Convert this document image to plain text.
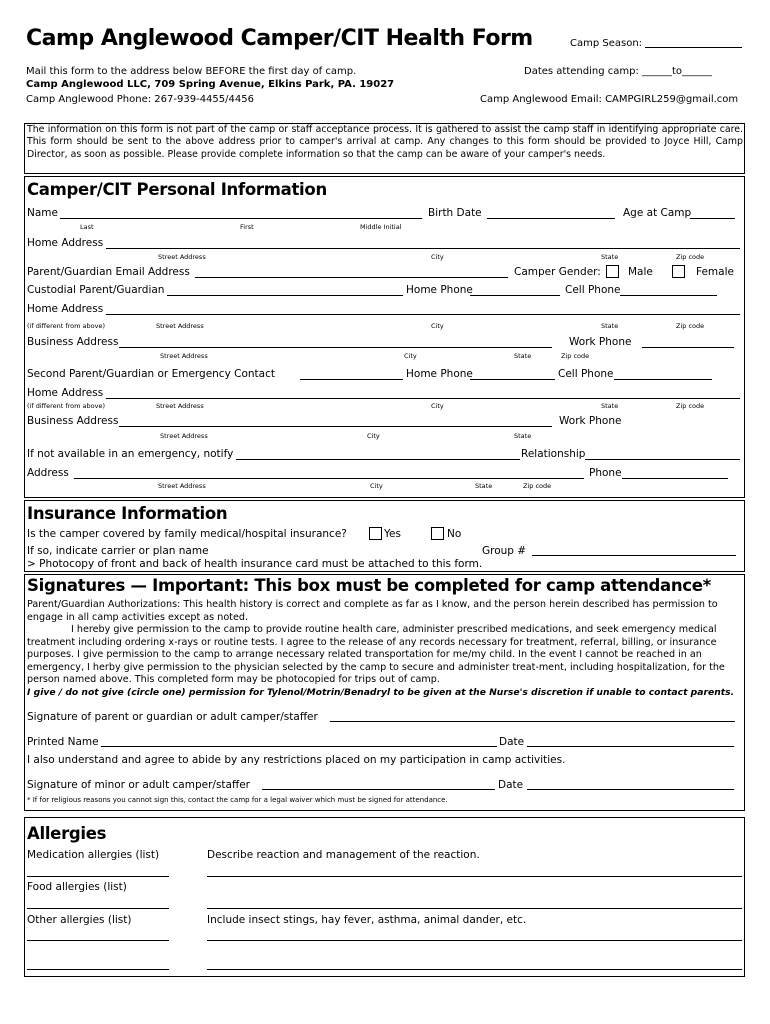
Camp Anglewood Camper/CIT Health Form	Camp Season:
Mail this form to the address below BEFORE the first day of camp.	Dates attending camp: ______to______
Camp Anglewood LLC, 709 Spring Avenue, Elkins Park, PA. 19027
Camp Anglewood Phone: 267-939-4455/4456	Camp Anglewood Email: CAMPGIRL259@gmail.com
The information on this form is not part of the camp or staff acceptance process. It is gathered to assist the camp staff in identifying appropriate care. This form should be sent to the above address prior to camper's arrival at camp. Any changes to this form should be provided to Joyce Hill, Camp Director, as soon as possible. Please provide complete information so that the camp can be aware of your camper's needs.
Camper/CIT Personal Information
Name	Birth Date	Age at Camp
Last	First	Middle Initial
Home Address
Street Address	City	State	Zip code
Parent/Guardian Email Address	Camper Gender:	Male	Female
Custodial Parent/Guardian	Home Phone	Cell Phone
Home Address
(if different from above)	Street Address	City	State	Zip code
Business Address	Work Phone
Street Address	City	State	Zip code
Second Parent/Guardian or Emergency Contact	Home Phone	Cell Phone
Home Address
(if different from above)	Street Address	City	State	Zip code
Business Address	Work Phone
Street Address	City	State
If not available in an emergency, notify	Relationship
Address	Phone
Street Address	City	State	Zip code
Insurance Information
Is the camper covered by family medical/hospital insurance?	Yes	No
If so, indicate carrier or plan name	Group #
> Photocopy of front and back of health insurance card must be attached to this form.
Signatures — Important: This box must be completed for camp attendance*
Parent/Guardian Authorizations: This health history is correct and complete as far as I know, and the person herein described has permission to engage in all camp activities except as noted.
I hereby give permission to the camp to provide routine health care, administer prescribed medications, and seek emergency medical treatment including ordering x-rays or routine tests. I agree to the release of any records necessary for treatment, referral, billing, or insurance purposes. I give permission to the camp to arrange necessary related transportation for me/my child. In the event I cannot be reached in an emergency, I herby give permission to the physician selected by the camp to secure and administer treat-ment, including hospitalization, for the person named above. This completed form may be photocopied for trips out of camp.
I give / do not give (circle one) permission for Tylenol/Motrin/Benadryl to be given at the Nurse's discretion if unable to contact parents.
Signature of parent or guardian or adult camper/staffer
Printed Name	Date
I also understand and agree to abide by any restrictions placed on my participation in camp activities.
Signature of minor or adult camper/staffer	Date
* If for religious reasons you cannot sign this, contact the camp for a legal waiver which must be signed for attendance.
Allergies
Medication allergies (list)	Describe reaction and management of the reaction.
Food allergies (list)
Other allergies (list)	Include insect stings, hay fever, asthma, animal dander, etc.
